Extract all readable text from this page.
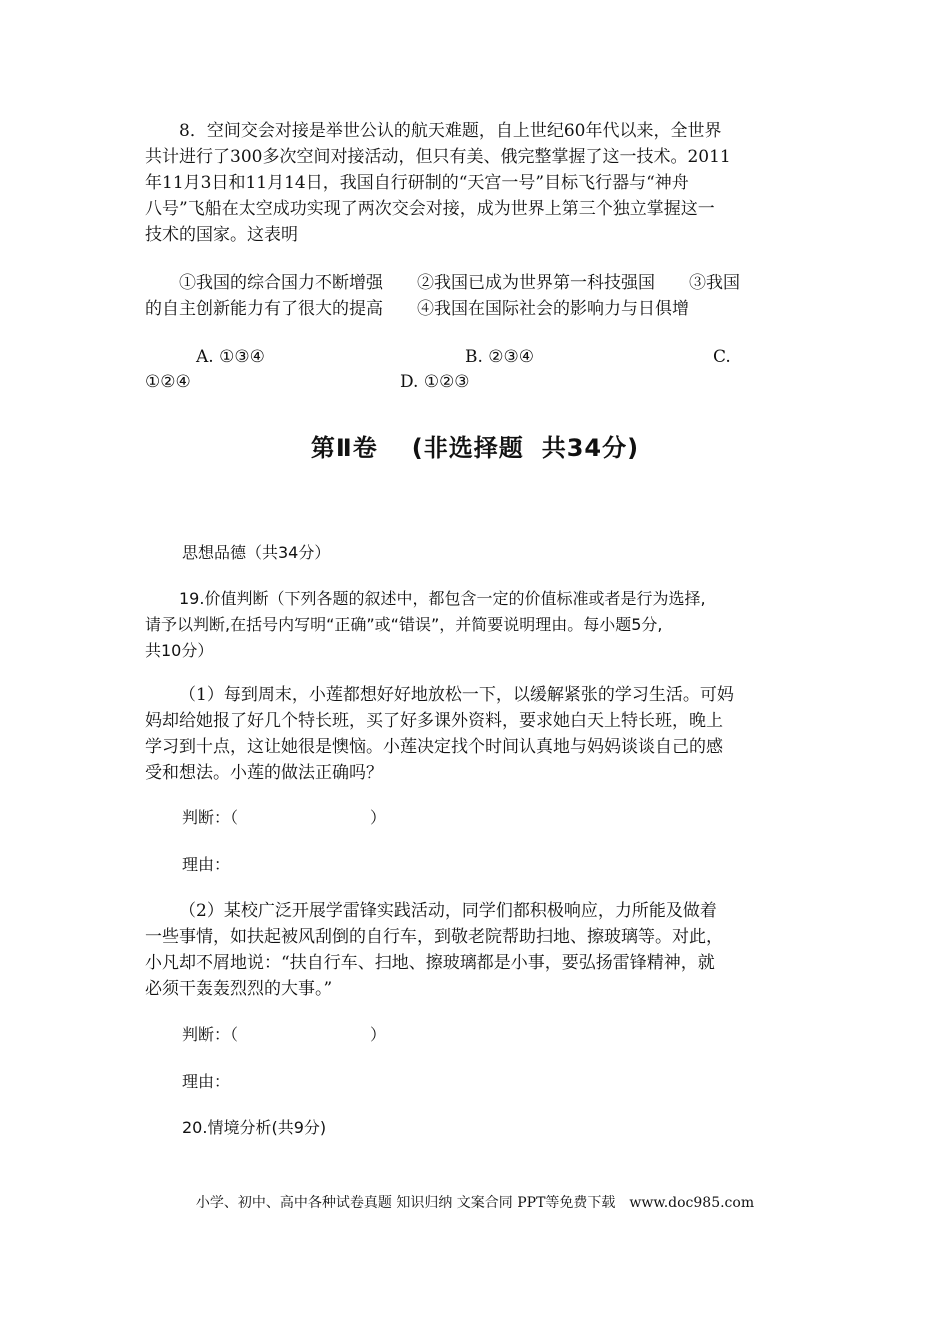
8．空间交会对接是举世公认的航天难题，自上世纪60年代以来，全世界
共计进行了300多次空间对接活动，但只有美、俄完整掌握了这一技术。2011
年11月3日和11月14日，我国自行研制的“天宫一号”目标飞行器与“神舟
八号”飞船在太空成功实现了两次交会对接，成为世界上第三个独立掌握这一
技术的国家。这表明

①我国的综合国力不断增强　　②我国已成为世界第一科技强国　　③我国
的自主创新能力有了很大的提高　　④我国在国际社会的影响力与日俱增

A. ①③④	B. ②③④	C.
①②④	D. ①②③
第Ⅱ卷 (非选择题 共34分)
思想品德（共34分）

19.价值判断（下列各题的叙述中，都包含一定的价值标准或者是行为选择,
请予以判断,在括号内写明“正确”或“错误”，并简要说明理由。每小题5分,
共10分）

（1）每到周末，小莲都想好好地放松一下，以缓解紧张的学习生活。可妈
妈却给她报了好几个特长班，买了好多课外资料，要求她白天上特长班，晚上
学习到十点，这让她很是懊恼。小莲决定找个时间认真地与妈妈谈谈自己的感
受和想法。小莲的做法正确吗？

判断：（	）
理由：

（2）某校广泛开展学雷锋实践活动，同学们都积极响应，力所能及做着
一些事情，如扶起被风刮倒的自行车，到敬老院帮助扫地、擦玻璃等。对此，
小凡却不屑地说：“扶自行车、扫地、擦玻璃都是小事，要弘扬雷锋精神，就
必须干轰轰烈烈的大事。”

判断：（	）
理由：
20.情境分析(共9分)
小学、初中、高中各种试卷真题 知识归纳 文案合同 PPT等免费下载　www.doc985.com
